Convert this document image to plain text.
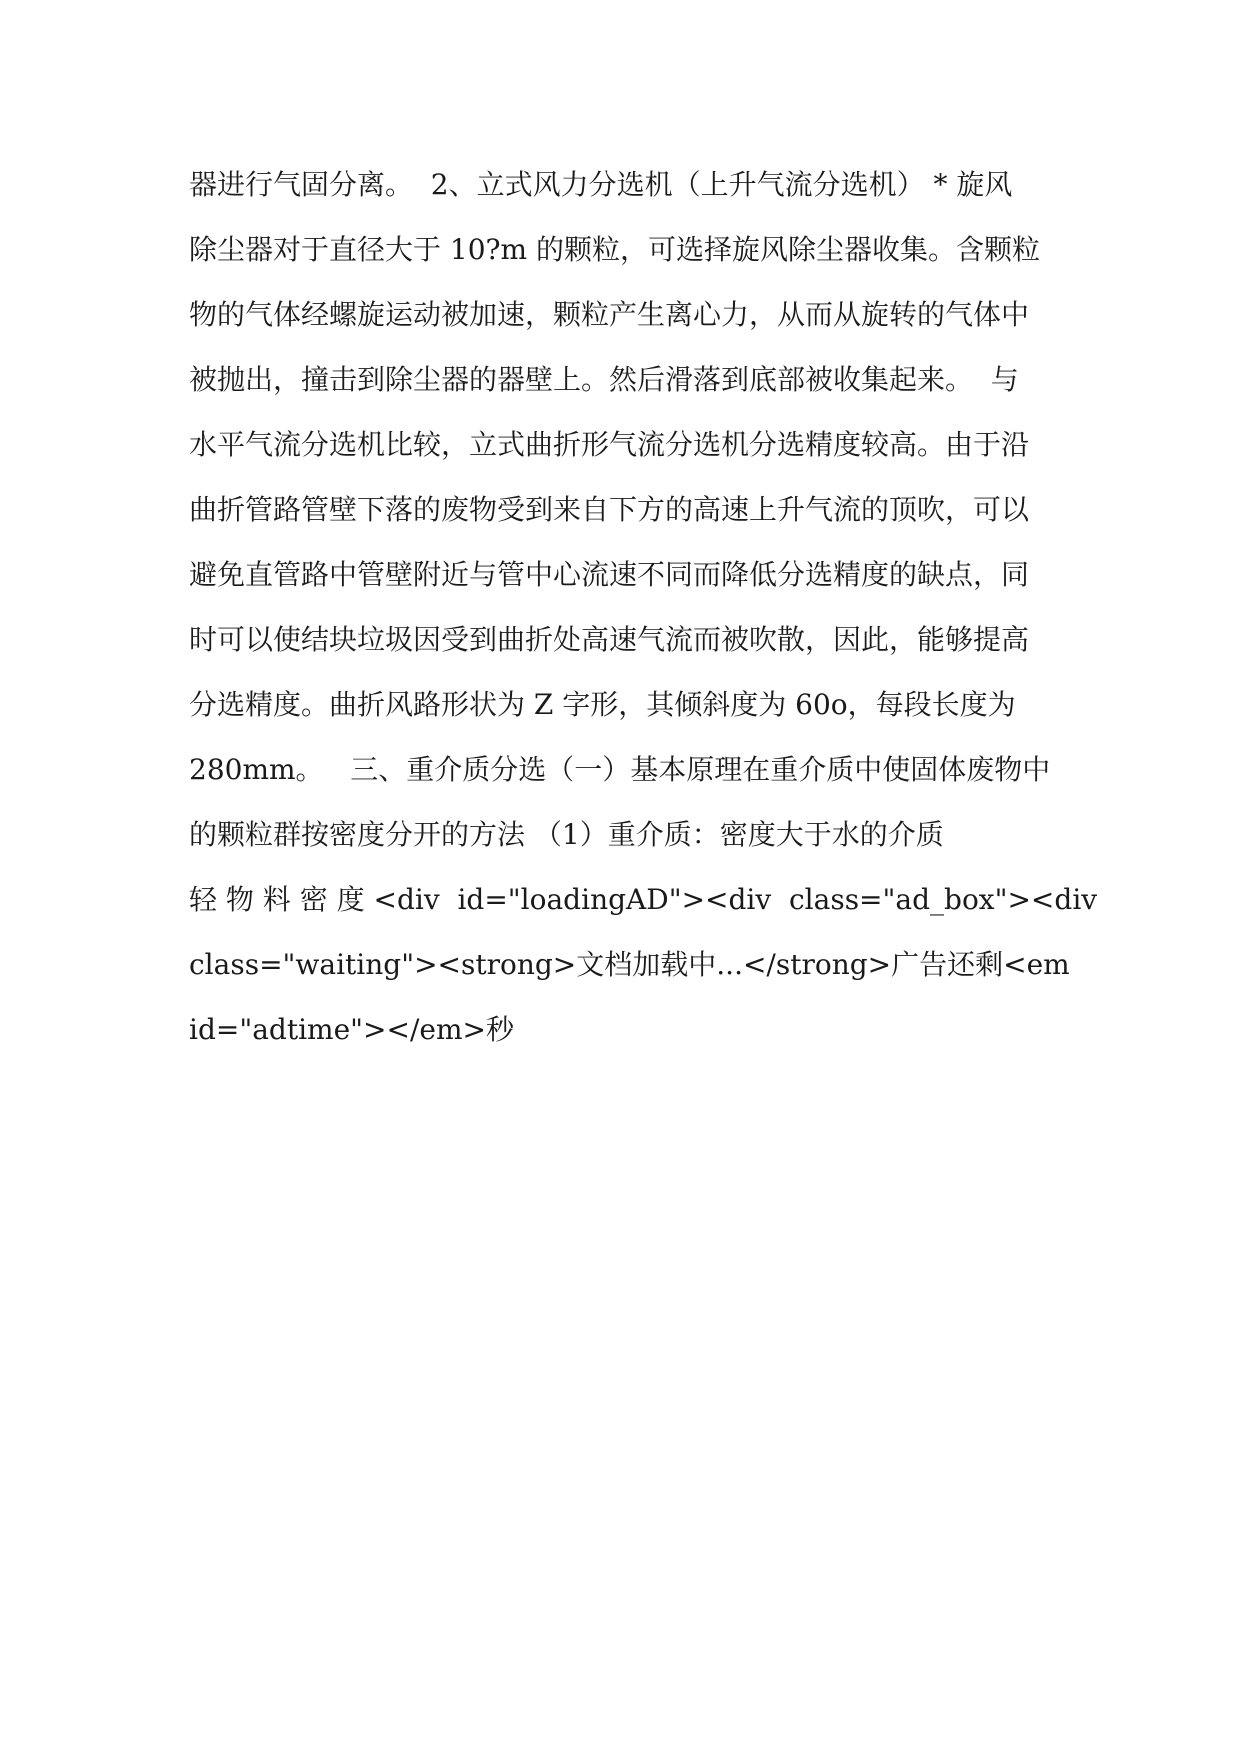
器进行气固分离。  2、立式风力分选机（上升气流分选机） * 旋风
除尘器对于直径大于 10?m 的颗粒，可选择旋风除尘器收集。含颗粒
物的气体经螺旋运动被加速，颗粒产生离心力，从而从旋转的气体中
被抛出，撞击到除尘器的器壁上。然后滑落到底部被收集起来。  与
水平气流分选机比较，立式曲折形气流分选机分选精度较高。由于沿
曲折管路管壁下落的废物受到来自下方的高速上升气流的顶吹，可以
避免直管路中管壁附近与管中心流速不同而降低分选精度的缺点，同
时可以使结块垃圾因受到曲折处高速气流而被吹散，因此，能够提高
分选精度。曲折风路形状为 Z 字形，其倾斜度为 60o，每段长度为
280mm。   三、重介质分选（一）基本原理在重介质中使固体废物中
的颗粒群按密度分开的方法 （1）重介质：密度大于水的介质
轻 物 料 密 度 <div  id="loadingAD"><div  class="ad_box"><div
class="waiting"><strong>文档加载中...</strong>广告还剩<em
id="adtime"></em>秒
